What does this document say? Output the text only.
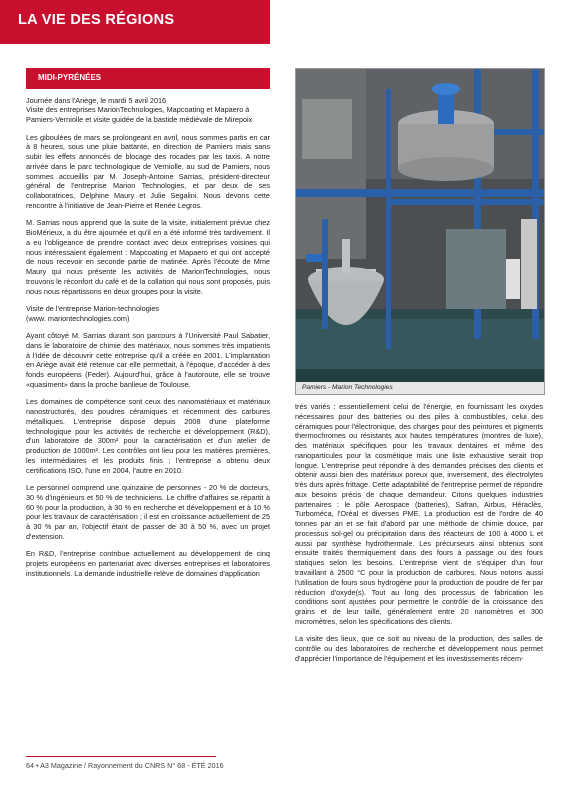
LA VIE DES RÉGIONS
MIDI-PYRÉNÉES

Journée dans l'Ariège, le mardi 5 avril 2016
Visite des entreprises MarionTechnologies, Mapcoating et Mapaero à Pamiers-Verniolle et visite guidée de la bastide médiévale de Mirepoix

Les giboulées de mars se prolongeant en avril, nous sommes partis en car à 8 heures, sous une pluie battante, en direction de Pamiers mais sans subir les effets annoncés de blocage des rocades par les taxis. A notre arrivée dans le parc technologique de Verniolle, au sud de Pamiers, nous sommes accueillis par M. Joseph-Antoine Sarrias, président-directeur général de l'entreprise Marion Technologies, et par deux de ses collaboratrices, Delphine Maury et Julie Segalini. Nous devons cette rencontre à l'initiative de Jean-Pierre et Renée Legros.

M. Sarrias nous apprend que la suite de la visite, initialement prévue chez BioMérieux, a du être ajournée et qu'il en a été informé très tardivement. Il a eu l'obligeance de prendre contact avec deux entreprises voisines qui nous intéressaient également : Mapcoating et Mapaero et qui ont accepté de nous recevoir en seconde partie de matinée. Après l'écoute de Mme Maury qui nous présente les activités de MarionTechnologies, nous trouvons le réconfort du café et de la collation qui nous sont proposés, puis nous nous répartissons en deux groupes pour la visite.

Visite de l'entreprise Marion-technologies
(www. mariontechnologies.com)

Ayant côtoyé M. Sarrias durant son parcours à l'Université Paul Sabatier, dans le laboratoire de chimie des matériaux, nous sommes très impatients à l'idée de découvrir cette entreprise qu'il a créée en 2001. L'implantation en Ariège avait été retenue car elle permettait, à l'époque, d'accéder à des fonds européens (Feder). Aujourd'hui, grâce à l'autoroute, elle se trouve «quasiment» dans la proche banlieue de Toulouse.

Les domaines de compétence sont ceux des nanomatériaux et matériaux nanostructurés, des poudres céramiques et récemment des carbures métalliques. L'entreprise dispose depuis 2008 d'une plateforme technologique pour les activités de recherche et développement (R&D), d'un laboratoire de 300m² pour la caractérisation et d'un atelier de production de 1000m². Les contrôles ont lieu pour les matières premières, les intermédiaires et les produits finis ; l'entreprise a obtenu deux certifications ISO, l'une en 2004, l'autre en 2010.

Le personnel comprend une quinzaine de personnes - 20 % de docteurs, 30 % d'ingénieurs et 50 % de techniciens. Le chiffre d'affaires se répartit à 60 % pour la production, à 30 % en recherche et développement et à 10 % pour les travaux de caractérisation ; il est en croissance actuellement de 25 à 30 % par an, l'objectif étant de passer de 30 à 50 %, avec un projet d'extension.

En R&D, l'entreprise contribue actuellement au développement de cinq projets européens en partenariat avec diverses entreprises et laboratoires institutionnels. La demande industrielle relève de domaines d'application

Pamiers - Marion Technologies

très variés : essentiellement celui de l'énergie, en fournissant les oxydes nécessaires pour des batteries ou des piles à combustibles, celui des céramiques pour l'électronique, des charges pour des peintures et pigments thermochromes ou résistants aux hautes températures (montres de luxe), des matériaux spécifiques pour les travaux dentaires et même des nanoparticules pour la cosmétique mais une liste exhaustive serait trop longue. L'entreprise peut répondre à des demandes précises des clients et obtenir aussi bien des matériaux poreux que, inversement, des électrolytes très durs après frittage. Cette adaptabilité de l'entreprise permet de répondre aux besoins précis de chaque demandeur. Citons quelques industries partenaires : le pôle Aerospace (batteries), Safran, Airbus, Héraclès, Turboméca, l'Oréal et diverses PME. La production est de l'ordre de 40 tonnes par an et se fait d'abord par une méthode de chimie douce, par processus sol-gel ou précipitation dans des réacteurs de 100 à 4000 L et aussi par synthèse hydrothermale. Les précurseurs ainsi obtenus sont ensuite traités thermiquement dans des fours à passage ou des fours statiques selon les besoins. L'entreprise vient de s'équiper d'un four travaillant à 2500 °C pour la production de carbures. Nous notons aussi l'utilisation de fours sous hydrogène pour la production de poudre de fer par réduction d'oxyde(s). Tout au long des processus de fabrication les conditions sont ajustées pour permettre le contrôle de la croissance des grains et de leur taille, généralement entre 20 nanomètres et 300 micromètres, selon les spécifications des clients.

La visite des lieux, que ce soit au niveau de la production, des salles de contrôle ou des laboratoires de recherche et développement nous permet d'apprécier l'importance de l'équipement et les investissements récem-

64 • A3 Magazine / Rayonnement du CNRS N° 68 - ÉTÉ 2016
